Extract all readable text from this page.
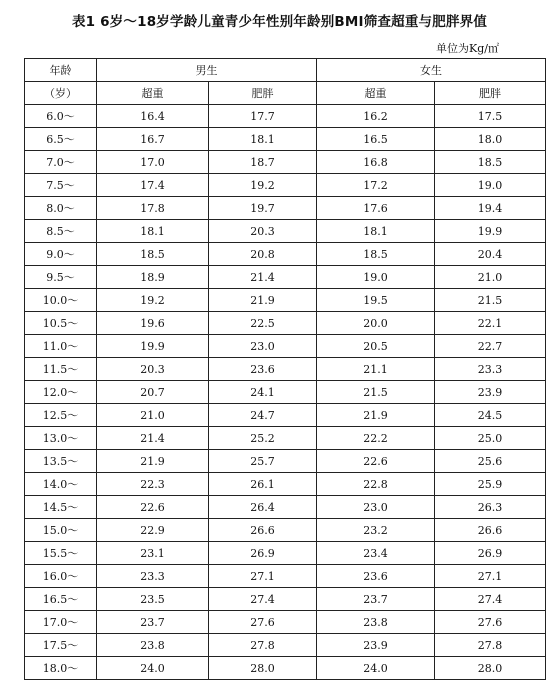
表1 6岁～18岁学龄儿童青少年性别年龄别BMI筛查超重与肥胖界值
单位为Kg/㎡
年龄	男生		女生	
（岁）	超重	肥胖	超重	肥胖
6.0～	16.4	17.7	16.2	17.5
6.5～	16.7	18.1	16.5	18.0
7.0～	17.0	18.7	16.8	18.5
7.5～	17.4	19.2	17.2	19.0
8.0～	17.8	19.7	17.6	19.4
8.5～	18.1	20.3	18.1	19.9
9.0～	18.5	20.8	18.5	20.4
9.5～	18.9	21.4	19.0	21.0
10.0～	19.2	21.9	19.5	21.5
10.5～	19.6	22.5	20.0	22.1
11.0～	19.9	23.0	20.5	22.7
11.5～	20.3	23.6	21.1	23.3
12.0～	20.7	24.1	21.5	23.9
12.5～	21.0	24.7	21.9	24.5
13.0～	21.4	25.2	22.2	25.0
13.5～	21.9	25.7	22.6	25.6
14.0～	22.3	26.1	22.8	25.9
14.5～	22.6	26.4	23.0	26.3
15.0～	22.9	26.6	23.2	26.6
15.5～	23.1	26.9	23.4	26.9
16.0～	23.3	27.1	23.6	27.1
16.5～	23.5	27.4	23.7	27.4
17.0～	23.7	27.6	23.8	27.6
17.5～	23.8	27.8	23.9	27.8
18.0～	24.0	28.0	24.0	28.0
